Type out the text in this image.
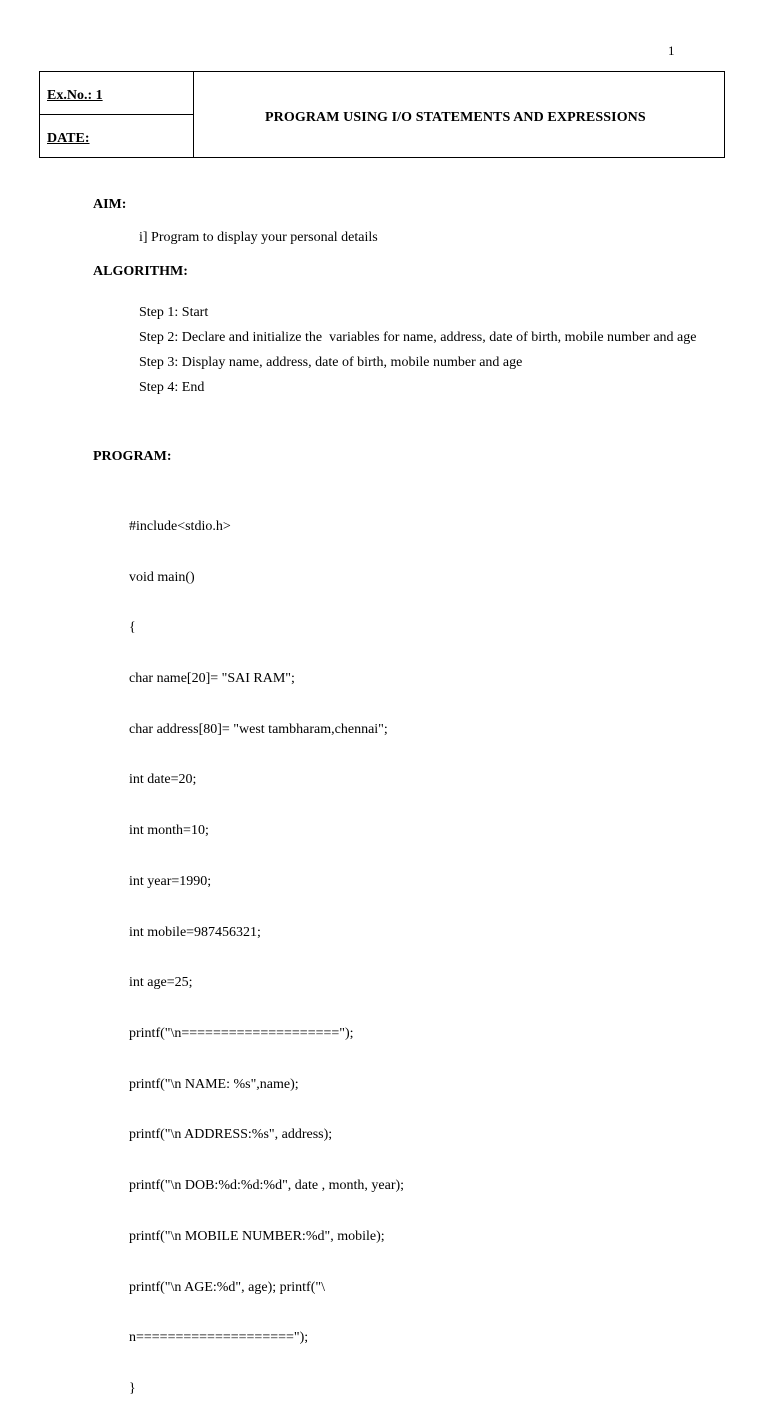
1
Ex.No.: 1
DATE:
PROGRAM USING I/O STATEMENTS AND EXPRESSIONS
AIM:
i] Program to display your personal details
ALGORITHM:
Step 1: Start
Step 2: Declare and initialize the  variables for name, address, date of birth, mobile number and age
Step 3: Display name, address, date of birth, mobile number and age
Step 4: End
PROGRAM:

#include<stdio.h>

void main()

{

char name[20]= "SAI RAM";

char address[80]= "west tambharam,chennai";

int date=20;

int month=10;

int year=1990;

int mobile=987456321;

int age=25;

printf("\n====================");

printf("\n NAME: %s",name);

printf("\n ADDRESS:%s", address);

printf("\n DOB:%d:%d:%d", date , month, year);

printf("\n MOBILE NUMBER:%d", mobile);

printf("\n AGE:%d", age); printf("\

n====================");

}
